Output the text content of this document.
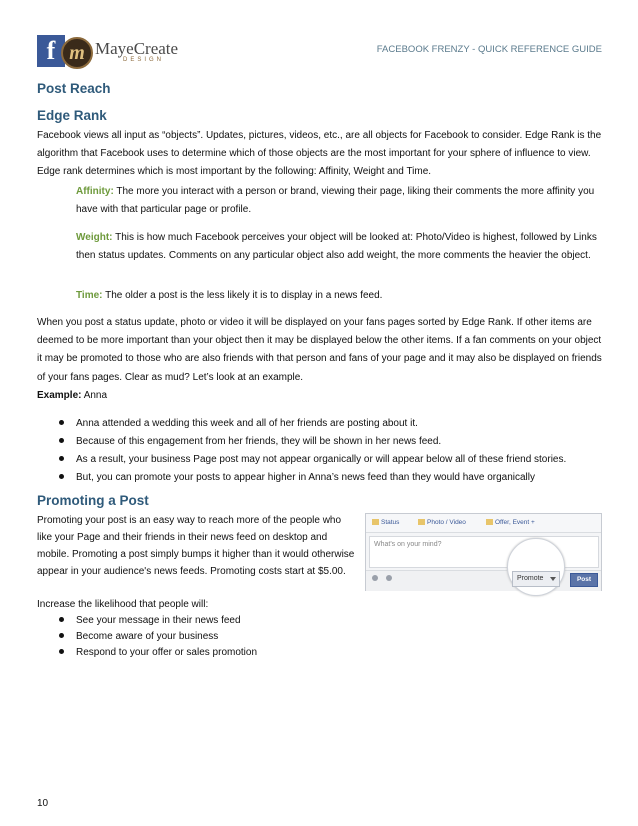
f m MayeCreate
DESIGN
FACEBOOK FRENZY - QUICK REFERENCE GUIDE
Post Reach
Edge Rank

Facebook views all input as “objects”. Updates, pictures, videos, etc., are all objects for Facebook to consider. Edge Rank is the algorithm that Facebook uses to determine which of those objects are the most important for your sphere of influence to view. Edge rank determines which is most important by the following: Affinity, Weight and Time.

Affinity: The more you interact with a person or brand, viewing their page, liking their comments the more affinity you have with that particular page or profile.

Weight: This is how much Facebook perceives your object will be looked at: Photo/Video is highest, followed by Links then status updates. Comments on any particular object also add weight, the more comments the heavier the object.

Time: The older a post is the less likely it is to display in a news feed.

When you post a status update, photo or video it will be displayed on your fans pages sorted by Edge Rank. If other items are deemed to be more important than your object then it may be displayed below the other items. If a fan comments on your object it may be promoted to those who are also friends with that person and fans of your page and it may also be displayed on friends of your fans pages. Clear as mud? Let’s look at an example.

Example: Anna

Anna attended a wedding this week and all of her friends are posting about it.

Because of this engagement from her friends, they will be shown in her news feed.

As a result, your business Page post may not appear organically or will appear below all of these friend stories.

But, you can promote your posts to appear higher in Anna’s news feed than they would have organically

Promoting a Post

Promoting your post is an easy way to reach more of the people who like your Page and their friends in their news feed on desktop and mobile. Promoting a post simply bumps it higher than it would otherwise appear in your audience's news feeds. Promoting costs start at $5.00.

Increase the likelihood that people will:

See your message in their news feed

Become aware of your business

Respond to your offer or sales promotion

Status	Photo / Video	Offer, Event +
What's on your mind?
Promote	Post
10
